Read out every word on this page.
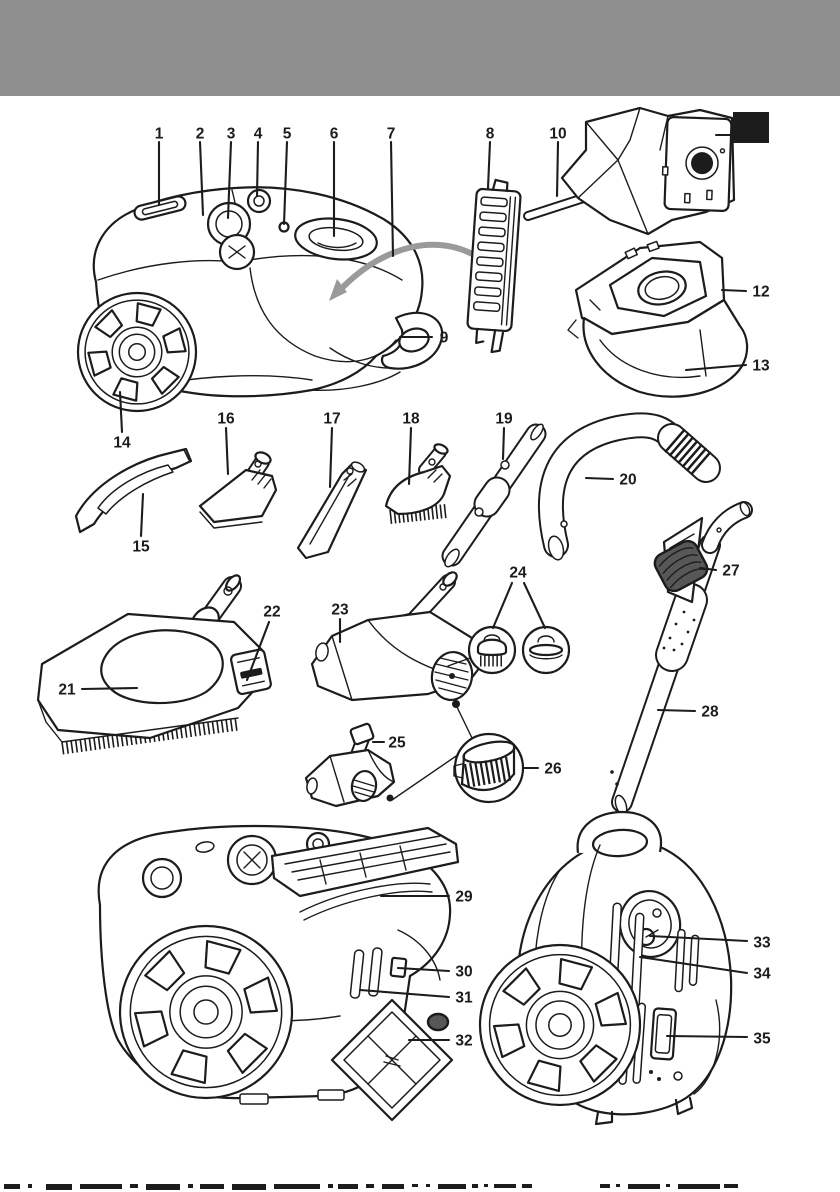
1 2 3 4 5 6	7	8
9
10
12
13
14
15
16	17	18	19
20
21
22	23
24
25
26
27
28
29
30
31
32
33
34
35
